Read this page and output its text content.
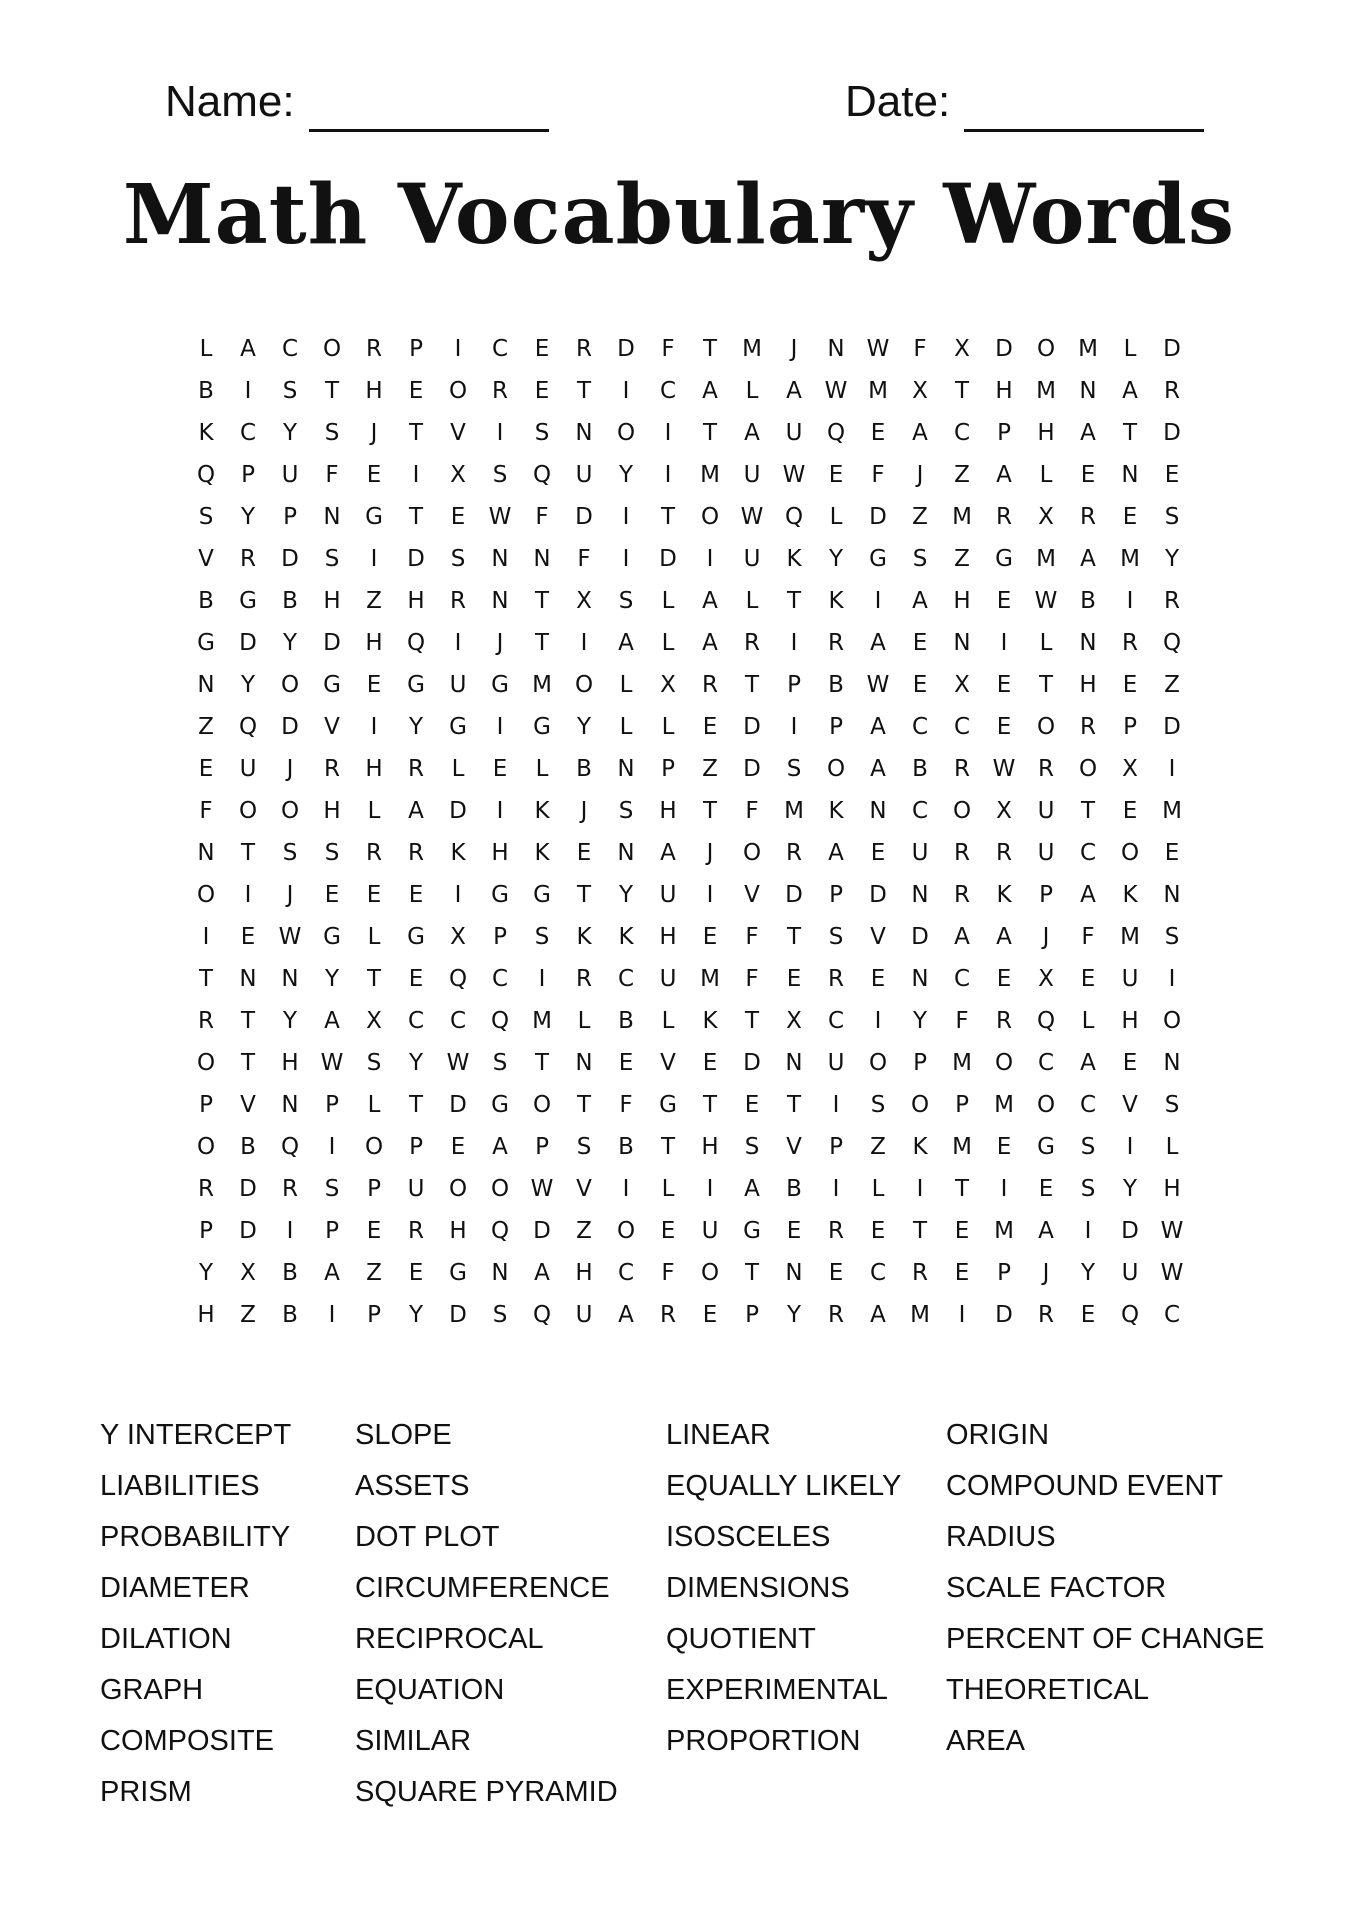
Name:	Date:
Math Vocabulary Words
L	A	C	O	R	P	I	C	E	R	D	F	T	M	J	N W	F	X	D	O	M	L	D
B	I	S	T	H	E	O	R	E	T	I	C	A	L	A W M	X	T	H	M	N	A	R
K	C	Y	S	J	T	V	I	S	N	O	I	T	A	U	Q	E	A	C	P	H	A	T	D
Q	P	U	F	E	I	X	S	Q	U	Y	I	M	U W	E	F	J	Z	A	L	E	N	E
S	Y	P	N	G	T	E	W	F	D	I	T	O W Q	L	D	Z	M	R	X	R	E	S
V	R	D	S	I	D	S	N	N	F	I	D	I	U	K	Y	G	S	Z	G	M	A	M	Y
B	G	B	H	Z	H	R	N	T	X	S	L	A	L	T	K	I	A	H	E	W B	I	R
G	D	Y	D	H	Q	I	J	T	I	A	L	A	R	I	R	A	E	N	I	L	N	R	Q
N	Y	O	G	E	G	U	G	M	O	L	X	R	T	P	B W	E	X	E	T	H	E	Z
Z	Q	D	V	I	Y	G	I	G	Y	L	L	E	D	I	P	A	C	C	E	O	R	P	D
E	U	J	R	H	R	L	E	L	B	N	P	Z	D	S	O	A	B	R W R	O	X	I
F	O	O	H	L	A	D	I	K	J	S	H	T	F	M	K	N	C	O	X	U	T	E	M
N	T	S	S	R	R	K	H	K	E	N	A	J	O	R	A	E	U	R	R	U	C	O	E
O	I	J	E	E	E	I	G	G	T	Y	U	I	V	D	P	D	N	R	K	P	A	K	N
I	E	W G	L	G	X	P	S	K	K	H	E	F	T	S	V	D	A	A	J	F	M	S
T	N	N	Y	T	E	Q	C	I	R	C	U	M	F	E	R	E	N	C	E	X	E	U	I
R	T	Y	A	X	C	C	Q	M	L	B	L	K	T	X	C	I	Y	F	R	Q	L	H	O
O	T	H W	S	Y	W	S	T	N	E	V	E	D	N	U	O	P	M	O	C	A	E	N
P	V	N	P	L	T	D	G	O	T	F	G	T	E	T	I	S	O	P	M	O	C	V	S
O	B	Q	I	O	P	E	A	P	S	B	T	H	S	V	P	Z	K	M	E	G	S	I	L
R	D	R	S	P	U	O	O W V	I	L	I	A	B	I	L	I	T	I	E	S	Y	H
P	D	I	P	E	R	H	Q	D	Z	O	E	U	G	E	R	E	T	E	M	A	I	D W
Y	X	B	A	Z	E	G	N	A	H	C	F	O	T	N	E	C	R	E	P	J	Y	U W
H	Z	B	I	P	Y	D	S	Q	U	A	R	E	P	Y	R	A	M	I	D	R	E	Q	C
Y INTERCEPT
LIABILITIES
PROBABILITY
DIAMETER
DILATION
GRAPH
COMPOSITE
PRISM
SLOPE
ASSETS
DOT PLOT
CIRCUMFERENCE
RECIPROCAL
EQUATION
SIMILAR
SQUARE PYRAMID
LINEAR
EQUALLY LIKELY
ISOSCELES
DIMENSIONS
QUOTIENT
EXPERIMENTAL
PROPORTION
ORIGIN
COMPOUND EVENT
RADIUS
SCALE FACTOR
PERCENT OF CHANGE
THEORETICAL
AREA
